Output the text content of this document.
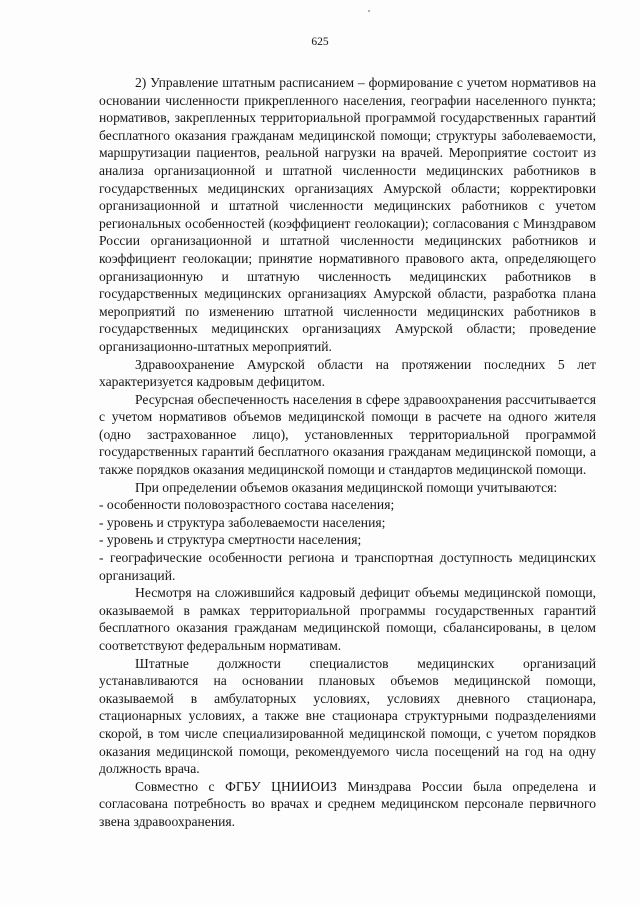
625

2) Управление штатным расписанием – формирование с учетом нормативов на основании численности прикрепленного населения, географии населенного пункта; нормативов, закрепленных территориальной программой государственных гарантий бесплатного оказания гражданам медицинской помощи; структуры заболеваемости, маршрутизации пациентов, реальной нагрузки на врачей. Мероприятие состоит из анализа организационной и штатной численности медицинских работников в государственных медицинских организациях Амурской области; корректировки организационной и штатной численности медицинских работников с учетом региональных особенностей (коэффициент геолокации); согласования с Минздравом России организационной и штатной численности медицинских работников и коэффициент геолокации; принятие нормативного правового акта, определяющего организационную и штатную численность медицинских работников в государственных медицинских организациях Амурской области, разработка плана мероприятий по изменению штатной численности медицинских работников в государственных медицинских организациях Амурской области; проведение организационно-штатных мероприятий.

Здравоохранение Амурской области на протяжении последних 5 лет характеризуется кадровым дефицитом.

Ресурсная обеспеченность населения в сфере здравоохранения рассчитывается с учетом нормативов объемов медицинской помощи в расчете на одного жителя (одно застрахованное лицо), установленных территориальной программой государственных гарантий бесплатного оказания гражданам медицинской помощи, а также порядков оказания медицинской помощи и стандартов медицинской помощи.

При определении объемов оказания медицинской помощи учитываются:

- особенности половозрастного состава населения;

- уровень и структура заболеваемости населения;

- уровень и структура смертности населения;

- географические особенности региона и транспортная доступность медицинских организаций.

Несмотря на сложившийся кадровый дефицит объемы медицинской помощи, оказываемой в рамках территориальной программы государственных гарантий бесплатного оказания гражданам медицинской помощи, сбалансированы, в целом соответствуют федеральным нормативам.

Штатные должности специалистов медицинских организаций устанавливаются на основании плановых объемов медицинской помощи, оказываемой в амбулаторных условиях, условиях дневного стационара, стационарных условиях, а также вне стационара структурными подразделениями скорой, в том числе специализированной медицинской помощи, с учетом порядков оказания медицинской помощи, рекомендуемого числа посещений на год на одну должность врача.

Совместно с ФГБУ ЦНИИОИЗ Минздрава России была определена и согласована потребность во врачах и среднем медицинском персонале первичного звена здравоохранения.
